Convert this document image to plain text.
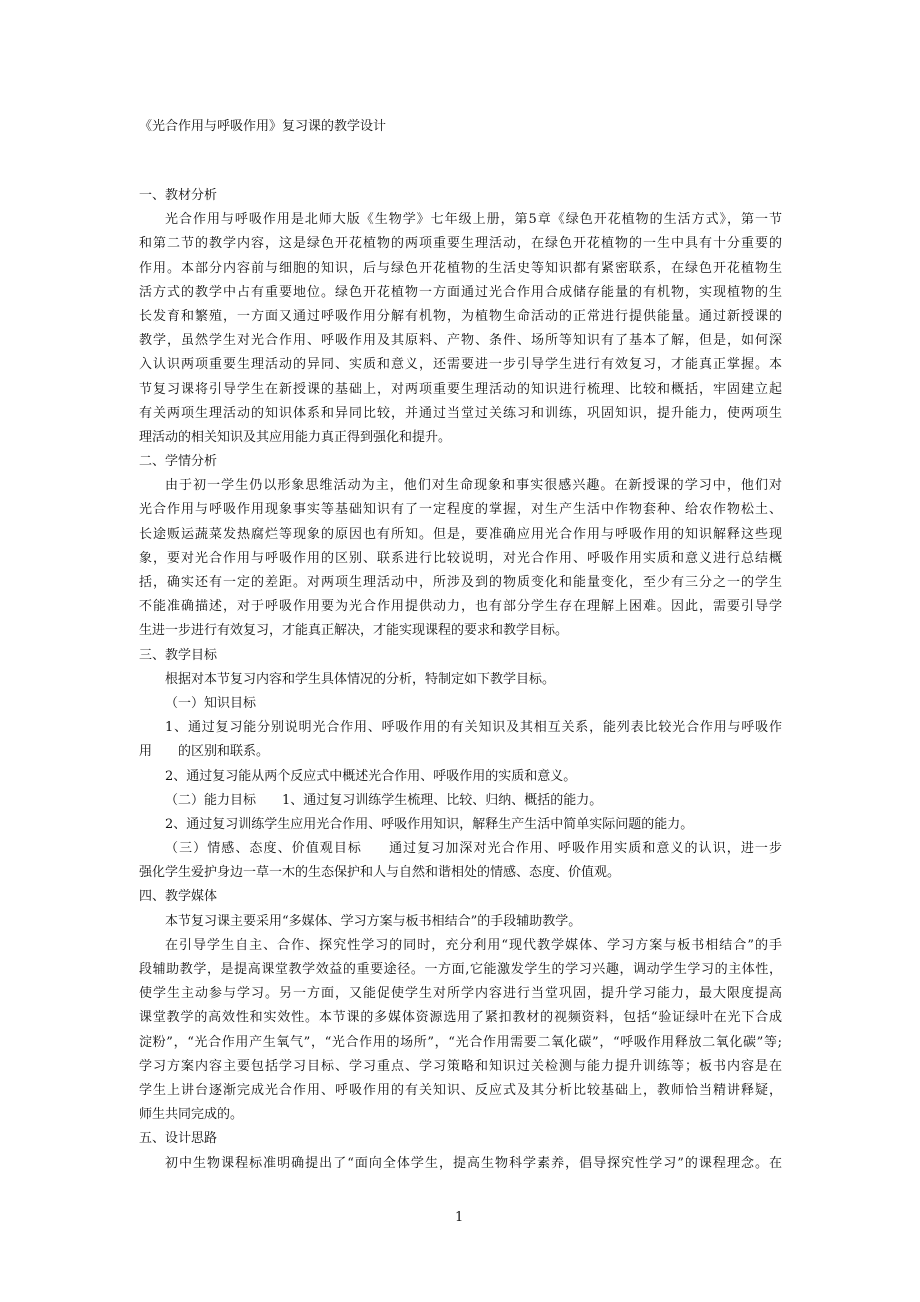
《光合作用与呼吸作用》复习课的教学设计
一、教材分析
光合作用与呼吸作用是北师大版《生物学》七年级上册，第5章《绿色开花植物的生活方式》，第一节
和第二节的教学内容，这是绿色开花植物的两项重要生理活动，在绿色开花植物的一生中具有十分重要的
作用。本部分内容前与细胞的知识，后与绿色开花植物的生活史等知识都有紧密联系，在绿色开花植物生
活方式的教学中占有重要地位。绿色开花植物一方面通过光合作用合成储存能量的有机物，实现植物的生
长发育和繁殖，一方面又通过呼吸作用分解有机物，为植物生命活动的正常进行提供能量。通过新授课的
教学，虽然学生对光合作用、呼吸作用及其原料、产物、条件、场所等知识有了基本了解，但是，如何深
入认识两项重要生理活动的异同、实质和意义，还需要进一步引导学生进行有效复习，才能真正掌握。本
节复习课将引导学生在新授课的基础上，对两项重要生理活动的知识进行梳理、比较和概括，牢固建立起
有关两项生理活动的知识体系和异同比较，并通过当堂过关练习和训练，巩固知识，提升能力，使两项生
理活动的相关知识及其应用能力真正得到强化和提升。
二、学情分析
由于初一学生仍以形象思维活动为主，他们对生命现象和事实很感兴趣。在新授课的学习中，他们对
光合作用与呼吸作用现象事实等基础知识有了一定程度的掌握，对生产生活中作物套种、给农作物松土、
长途贩运蔬菜发热腐烂等现象的原因也有所知。但是，要准确应用光合作用与呼吸作用的知识解释这些现
象，要对光合作用与呼吸作用的区别、联系进行比较说明，对光合作用、呼吸作用实质和意义进行总结概
括，确实还有一定的差距。对两项生理活动中，所涉及到的物质变化和能量变化，至少有三分之一的学生
不能准确描述，对于呼吸作用要为光合作用提供动力，也有部分学生存在理解上困难。因此，需要引导学
生进一步进行有效复习，才能真正解决，才能实现课程的要求和教学目标。
三、教学目标
根据对本节复习内容和学生具体情况的分析，特制定如下教学目标。
（一）知识目标
1、通过复习能分别说明光合作用、呼吸作用的有关知识及其相互关系，能列表比较光合作用与呼吸作
用 的区别和联系。
2、通过复习能从两个反应式中概述光合作用、呼吸作用的实质和意义。
（二）能力目标 1、通过复习训练学生梳理、比较、归纳、概括的能力。
2、通过复习训练学生应用光合作用、呼吸作用知识，解释生产生活中简单实际问题的能力。
（三）情感、态度、价值观目标 通过复习加深对光合作用、呼吸作用实质和意义的认识，进一步
强化学生爱护身边一草一木的生态保护和人与自然和谐相处的情感、态度、价值观。
四、教学媒体
本节复习课主要采用“多媒体、学习方案与板书相结合”的手段辅助教学。
在引导学生自主、合作、探究性学习的同时，充分利用“现代教学媒体、学习方案与板书相结合”的手
段辅助教学，是提高课堂教学效益的重要途径。一方面,它能激发学生的学习兴趣，调动学生学习的主体性，
使学生主动参与学习。另一方面，又能促使学生对所学内容进行当堂巩固，提升学习能力，最大限度提高
课堂教学的高效性和实效性。本节课的多媒体资源选用了紧扣教材的视频资料，包括“验证绿叶在光下合成
淀粉”，“光合作用产生氧气”，“光合作用的场所”，“光合作用需要二氧化碳”，“呼吸作用释放二氧化碳”等;
学习方案内容主要包括学习目标、学习重点、学习策略和知识过关检测与能力提升训练等；板书内容是在
学生上讲台逐渐完成光合作用、呼吸作用的有关知识、反应式及其分析比较基础上，教师恰当精讲释疑，
师生共同完成的。
五、设计思路
初中生物课程标准明确提出了“面向全体学生，提高生物科学素养，倡导探究性学习”的课程理念。在
1
